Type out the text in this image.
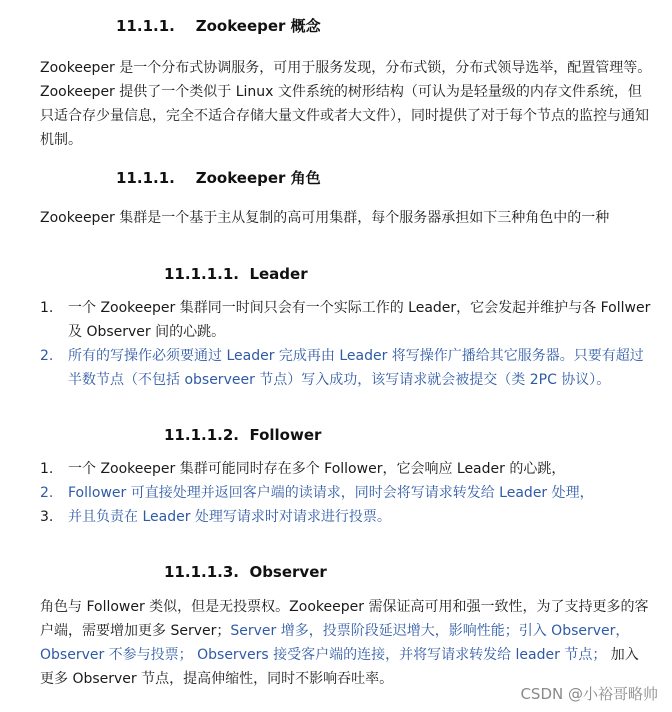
11.1.1. Zookeeper 概念
Zookeeper 是一个分布式协调服务，可用于服务发现，分布式锁，分布式领导选举，配置管理等。Zookeeper 提供了一个类似于 Linux 文件系统的树形结构（可认为是轻量级的内存文件系统，但只适合存少量信息，完全不适合存储大量文件或者大文件），同时提供了对于每个节点的监控与通知机制。
11.1.1. Zookeeper 角色
Zookeeper 集群是一个基于主从复制的高可用集群，每个服务器承担如下三种角色中的一种
11.1.1.1. Leader
1. 一个 Zookeeper 集群同一时间只会有一个实际工作的 Leader，它会发起并维护与各 Follwer 及 Observer 间的心跳。
2. 所有的写操作必须要通过 Leader 完成再由 Leader 将写操作广播给其它服务器。只要有超过半数节点（不包括 observeer 节点）写入成功，该写请求就会被提交（类 2PC 协议）。
11.1.1.2. Follower
1. 一个 Zookeeper 集群可能同时存在多个 Follower，它会响应 Leader 的心跳，
2. Follower 可直接处理并返回客户端的读请求，同时会将写请求转发给 Leader 处理，
3. 并且负责在 Leader 处理写请求时对请求进行投票。
11.1.1.3. Observer
角色与 Follower 类似，但是无投票权。Zookeeper 需保证高可用和强一致性，为了支持更多的客户端，需要增加更多 Server；Server 增多，投票阶段延迟增大，影响性能；引入 Observer，Observer 不参与投票； Observers 接受客户端的连接，并将写请求转发给 leader 节点； 加入更多 Observer 节点，提高伸缩性，同时不影响吞吐率。
CSDN @小裕哥略帅
